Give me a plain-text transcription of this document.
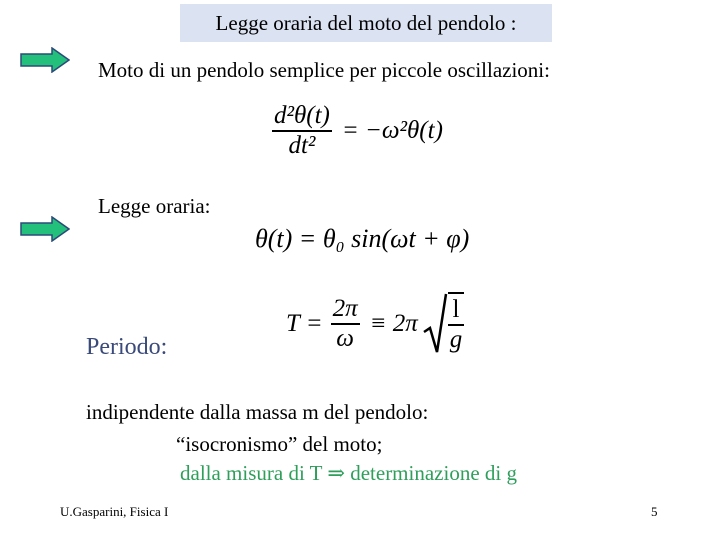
Legge oraria del moto del pendolo :
Moto di un pendolo semplice per piccole oscillazioni:
$\frac{\text{d²θ(t)}}{\text{dt²}} = -\omega^2\theta(t)$
Legge oraria:
θ(t) = θ₀ sin(ωt + φ)
Periodo:
$T = \frac{2\pi}{\omega} \equiv 2\pi \frac{l}{g}$
indipendente dalla massa m del pendolo:
“isocronismo” del moto;
dalla misura di T ⇒ determinazione di g
U.Gasparini, Fisica I	5
